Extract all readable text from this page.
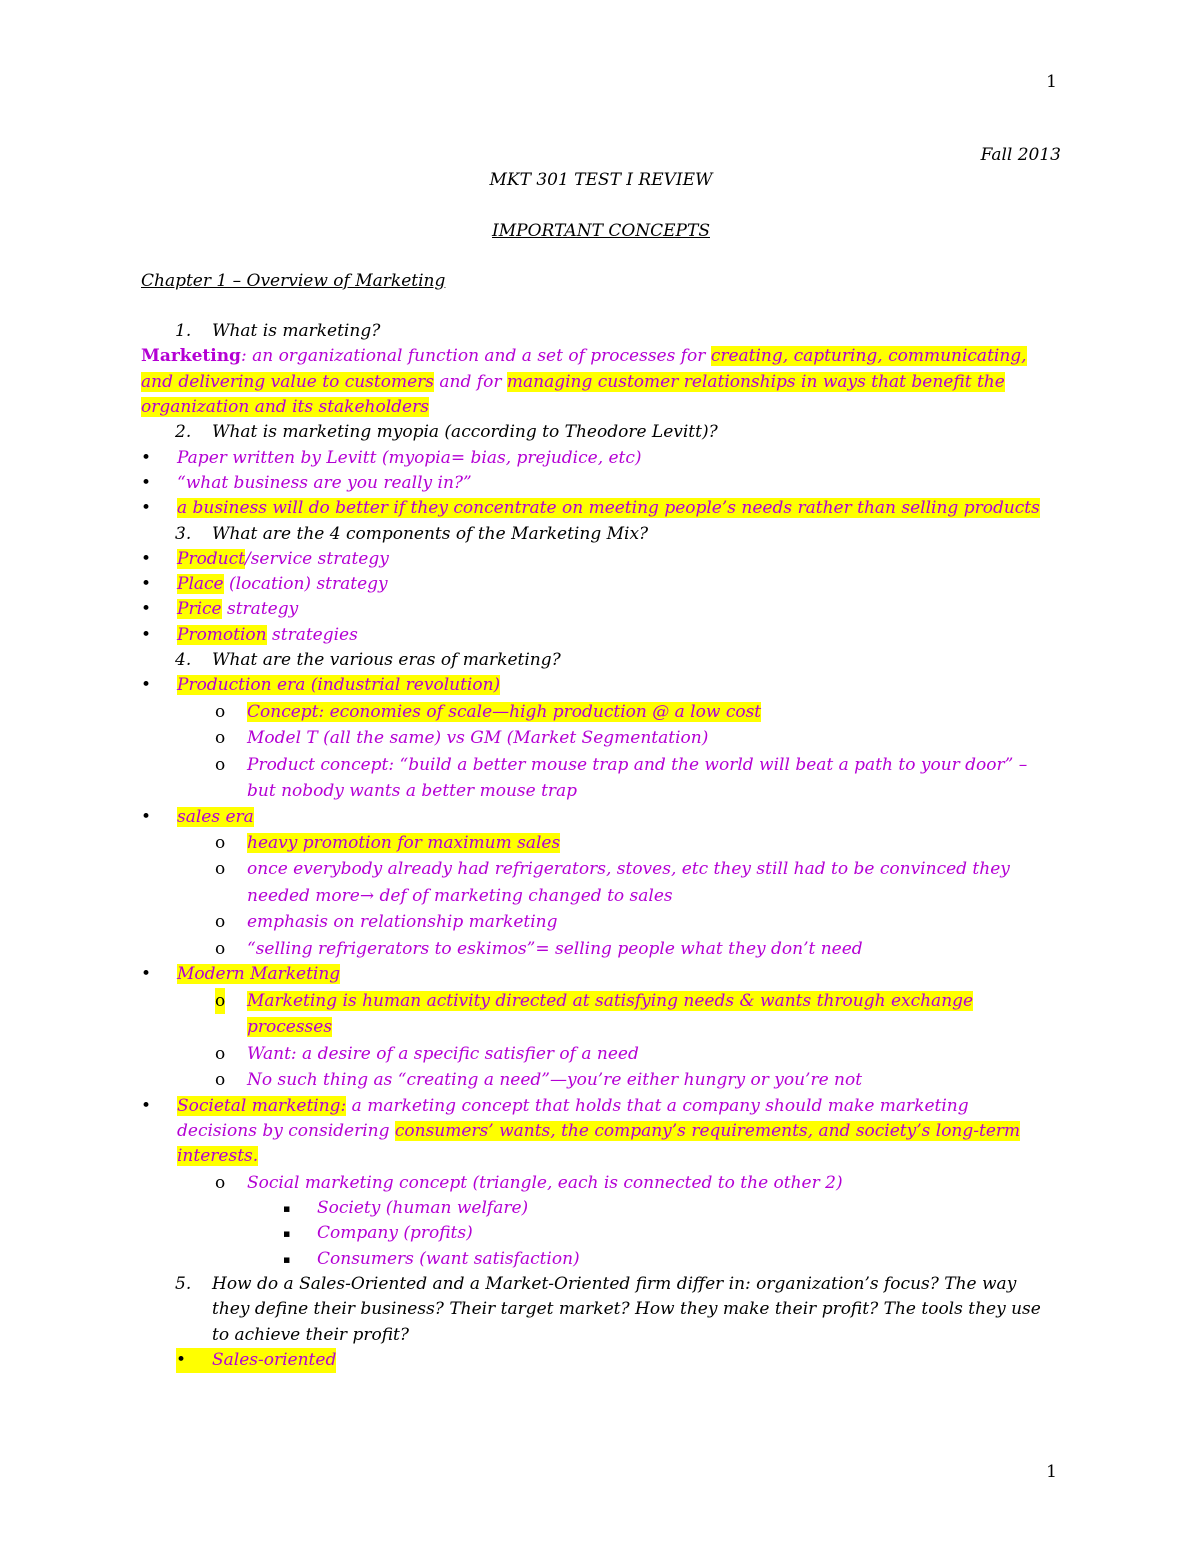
1
Fall 2013
MKT 301 TEST I REVIEW
IMPORTANT CONCEPTS
Chapter 1 – Overview of Marketing
1. What is marketing?
Marketing: an organizational function and a set of processes for creating, capturing, communicating,
and delivering value to customers and for managing customer relationships in ways that benefit the
organization and its stakeholders
2. What is marketing myopia (according to Theodore Levitt)?
• Paper written by Levitt (myopia= bias, prejudice, etc)
• “what business are you really in?”
• a business will do better if they concentrate on meeting people’s needs rather than selling products
3. What are the 4 components of the Marketing Mix?
• Product/service strategy
• Place (location) strategy
• Price strategy
• Promotion strategies
4. What are the various eras of marketing?
• Production era (industrial revolution)
o Concept: economies of scale—high production @ a low cost
o Model T (all the same) vs GM (Market Segmentation)
o Product concept: “build a better mouse trap and the world will beat a path to your door” –
but nobody wants a better mouse trap
• sales era
o heavy promotion for maximum sales
o once everybody already had refrigerators, stoves, etc they still had to be convinced they
needed more→ def of marketing changed to sales
o emphasis on relationship marketing
o “selling refrigerators to eskimos”= selling people what they don’t need
• Modern Marketing
o Marketing is human activity directed at satisfying needs & wants through exchange
processes
o Want: a desire of a specific satisfier of a need
o No such thing as “creating a need”—you’re either hungry or you’re not
• Societal marketing: a marketing concept that holds that a company should make marketing
decisions by considering consumers’ wants, the company’s requirements, and society’s long-term
interests.
o Social marketing concept (triangle, each is connected to the other 2)
▪ Society (human welfare)
▪ Company (profits)
▪ Consumers (want satisfaction)
5. How do a Sales-Oriented and a Market-Oriented firm differ in: organization’s focus? The way
they define their business? Their target market? How they make their profit? The tools they use
to achieve their profit?
• Sales-oriented
1
